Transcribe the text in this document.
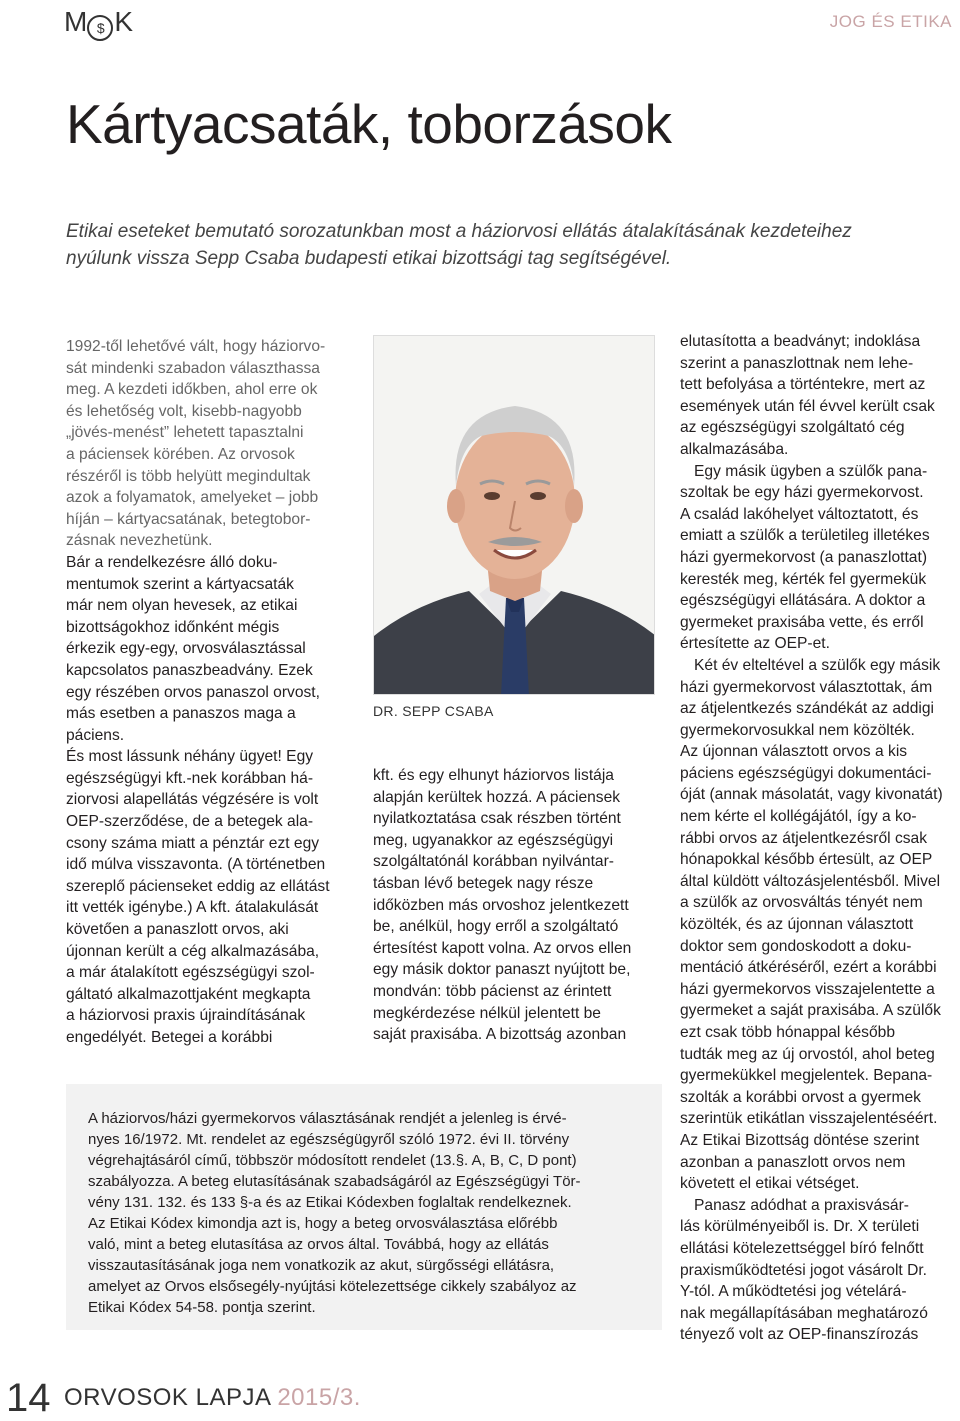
M $ K	JOG ÉS ETIKA
Kártyacsaták, toborzások
Etikai eseteket bemutató sorozatunkban most a háziorvosi ellátás átalakításának kezdeteihez
nyúlunk vissza Sepp Csaba budapesti etikai bizottsági tag segítségével.
1992-től lehetővé vált, hogy háziorvo-
sát mindenki szabadon választhassa
meg. A kezdeti időkben, ahol erre ok
és lehetőség volt, kisebb-nagyobb
„jövés-menést” lehetett tapasztalni
a páciensek körében. Az orvosok
részéről is több helyütt megindultak
azok a folyamatok, amelyeket – jobb
híján – kártyacsatának, betegtobor-
zásnak nevezhetünk.
Bár a rendelkezésre álló doku-
mentumok szerint a kártyacsaták
már nem olyan hevesek, az etikai
bizottságokhoz időnként mégis
érkezik egy-egy, orvosválasztással
kapcsolatos panaszbeadvány. Ezek
egy részében orvos panaszol orvost,
más esetben a panaszos maga a
páciens.
És most lássunk néhány ügyet! Egy
egészségügyi kft.-nek korábban há-
ziorvosi alapellátás végzésére is volt
OEP-szerződése, de a betegek ala-
csony száma miatt a pénztár ezt egy
idő múlva visszavonta. (A történetben
szereplő pácienseket eddig az ellátást
itt vették igénybe.) A kft. átalakulását
követően a panaszlott orvos, aki
újonnan került a cég alkalmazásába,
a már átalakított egészségügyi szol-
gáltató alkalmazottjaként megkapta
a háziorvosi praxis újraindításának
engedélyét. Betegei a korábbi
DR. SEPP CSABA
kft. és egy elhunyt háziorvos listája
alapján kerültek hozzá. A páciensek
nyilatkoztatása csak részben történt
meg, ugyanakkor az egészségügyi
szolgáltatónál korábban nyilvántar-
tásban lévő betegek nagy része
időközben más orvoshoz jelentkezett
be, anélkül, hogy erről a szolgáltató
értesítést kapott volna. Az orvos ellen
egy másik doktor panaszt nyújtott be,
mondván: több pácienst az érintett
megkérdezése nélkül jelentett be
saját praxisába. A bizottság azonban
elutasította a beadványt; indoklása
szerint a panaszlottnak nem lehe-
tett befolyása a történtekre, mert az
események után fél évvel került csak
az egészségügyi szolgáltató cég
alkalmazásába.
Egy másik ügyben a szülők pana-
szoltak be egy házi gyermekorvost.
A család lakóhelyet változtatott, és
emiatt a szülők a területileg illetékes
házi gyermekorvost (a panaszlottat)
keresték meg, kérték fel gyermekük
egészségügyi ellátására. A doktor a
gyermeket praxisába vette, és erről
értesítette az OEP-et.
Két év elteltével a szülők egy másik
házi gyermekorvost választottak, ám
az átjelentkezés szándékát az addigi
gyermekorvosukkal nem közölték.
Az újonnan választott orvos a kis
páciens egészségügyi dokumentáci-
óját (annak másolatát, vagy kivonatát)
nem kérte el kollégájától, így a ko-
rábbi orvos az átjelentkezésről csak
hónapokkal később értesült, az OEP
által küldött változásjelentésből. Mivel
a szülők az orvosváltás tényét nem
közölték, és az újonnan választott
doktor sem gondoskodott a doku-
mentáció átkéréséről, ezért a korábbi
házi gyermekorvos visszajelentette a
gyermeket a saját praxisába. A szülők
ezt csak több hónappal később
tudták meg az új orvostól, ahol beteg
gyermekükkel megjelentek. Bepana-
szolták a korábbi orvost a gyermek
szerintük etikátlan visszajelentéséért.
Az Etikai Bizottság döntése szerint
azonban a panaszlott orvos nem
követett el etikai vétséget.
Panasz adódhat a praxisvásár-
lás körülményeiből is. Dr. X területi
ellátási kötelezettséggel bíró felnőtt
praxisműködtetési jogot vásárolt Dr.
Y-tól. A működtetési jog vételárá-
nak megállapításában meghatározó
tényező volt az OEP-finanszírozás
A háziorvos/házi gyermekorvos választásának rendjét a jelenleg is érvé-
nyes 16/1972. Mt. rendelet az egészségügyről szóló 1972. évi II. törvény
végrehajtásáról című, többször módosított rendelet (13.§. A, B, C, D pont)
szabályozza. A beteg elutasításának szabadságáról az Egészségügyi Tör-
vény 131. 132. és 133 §-a és az Etikai Kódexben foglaltak rendelkeznek.
Az Etikai Kódex kimondja azt is, hogy a beteg orvosválasztása előrébb
való, mint a beteg elutasítása az orvos által. Továbbá, hogy az ellátás
visszautasításának joga nem vonatkozik az akut, sürgősségi ellátásra,
amelyet az Orvos elsősegély-nyújtási kötelezettsége cikkely szabályoz az
Etikai Kódex 54-58. pontja szerint.
14 ORVOSOK LAPJA 2015/3.
